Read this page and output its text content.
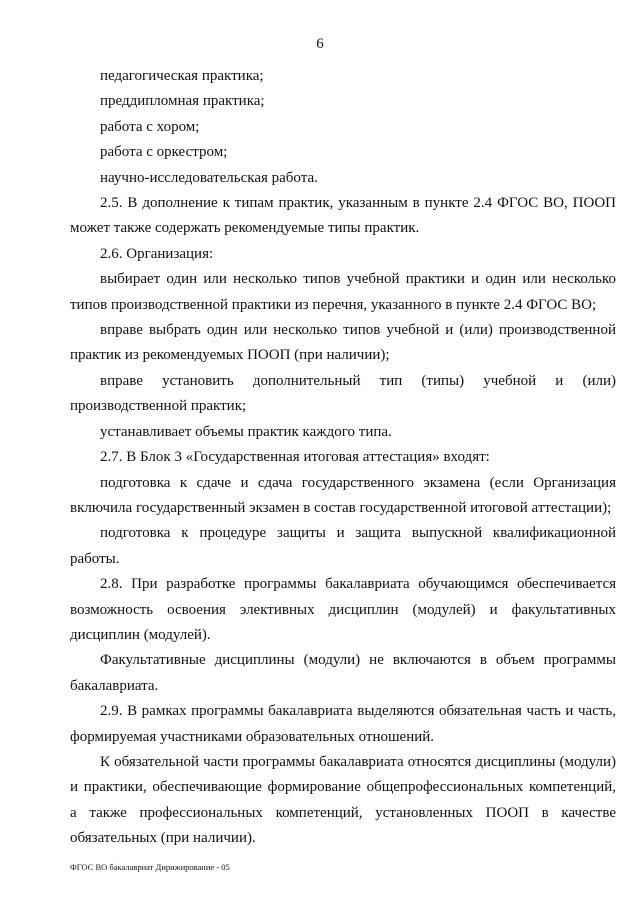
6

педагогическая практика;

преддипломная практика;

работа с хором;

работа с оркестром;

научно-исследовательская работа.

2.5. В дополнение к типам практик, указанным в пункте 2.4 ФГОС ВО, ПООП может также содержать рекомендуемые типы практик.

2.6. Организация:

выбирает один или несколько типов учебной практики и один или несколько типов производственной практики из перечня, указанного в пункте 2.4 ФГОС ВО;

вправе выбрать один или несколько типов учебной и (или) производственной практик из рекомендуемых ПООП (при наличии);

вправе установить дополнительный тип (типы) учебной и (или) производственной практик;

устанавливает объемы практик каждого типа.

2.7. В Блок 3 «Государственная итоговая аттестация» входят:

подготовка к сдаче и сдача государственного экзамена (если Организация включила государственный экзамен в состав государственной итоговой аттестации);

подготовка к процедуре защиты и защита выпускной квалификационной работы.

2.8. При разработке программы бакалавриата обучающимся обеспечивается возможность освоения элективных дисциплин (модулей) и факультативных дисциплин (модулей).

Факультативные дисциплины (модули) не включаются в объем программы бакалавриата.

2.9. В рамках программы бакалавриата выделяются обязательная часть и часть, формируемая участниками образовательных отношений.

К обязательной части программы бакалавриата относятся дисциплины (модули) и практики, обеспечивающие формирование общепрофессиональных компетенций, а также профессиональных компетенций, установленных ПООП в качестве обязательных (при наличии).

ФГОС ВО бакалавриат Дирижирование - 05
